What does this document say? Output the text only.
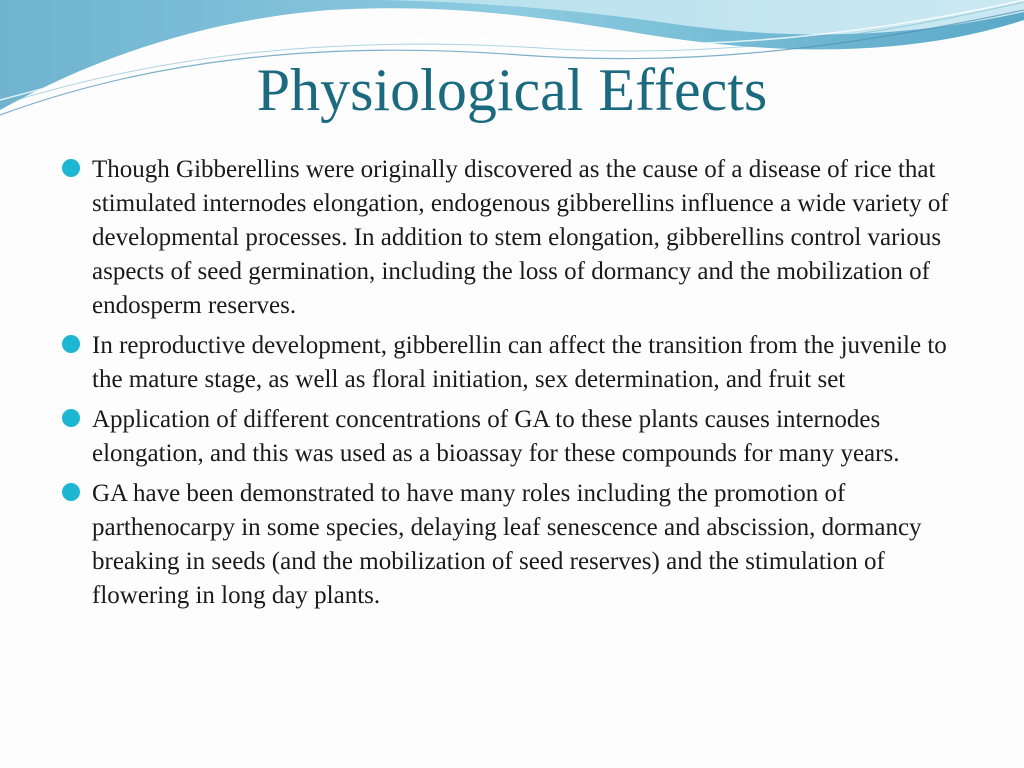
Physiological Effects
Though Gibberellins were originally discovered as the cause of a disease of rice that stimulated internodes elongation, endogenous gibberellins influence a wide variety of developmental processes. In addition to stem elongation, gibberellins control various aspects of seed germination, including the loss of dormancy and the mobilization of endosperm reserves.
In reproductive development, gibberellin can affect the transition from the juvenile to the mature stage, as well as floral initiation, sex determination, and fruit set
Application of different concentrations of GA to these plants causes internodes elongation, and this was used as a bioassay for these compounds for many years.
GA have been demonstrated to have many roles including the promotion of parthenocarpy in some species, delaying leaf senescence and abscission, dormancy breaking in seeds (and the mobilization of seed reserves) and the stimulation of flowering in long day plants.
